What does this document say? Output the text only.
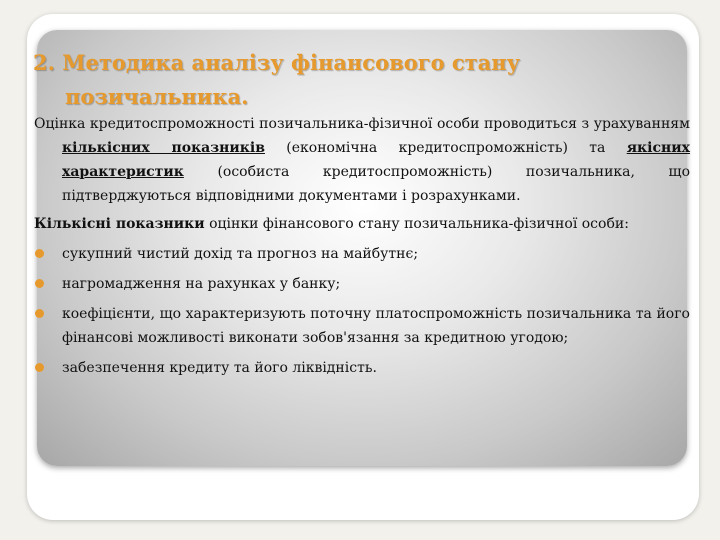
2. Методика аналізу фінансового стану
позичальника.

Оцінка кредитоспроможності позичальника-фізичної особи проводиться з урахуванням кількісних показників (економічна кредитоспроможність) та якісних характеристик (особиста кредитоспроможність) позичальника, що підтверджуються відповідними документами і розрахунками.

Кількісні показники оцінки фінансового стану позичальника-фізичної особи:

сукупний чистий дохід та прогноз на майбутнє;
нагромадження на рахунках у банку;
коефіцієнти, що характеризують поточну платоспроможність позичальника та його фінансові можливості виконати зобов'язання за кредитною угодою;
забезпечення кредиту та його ліквідність.
